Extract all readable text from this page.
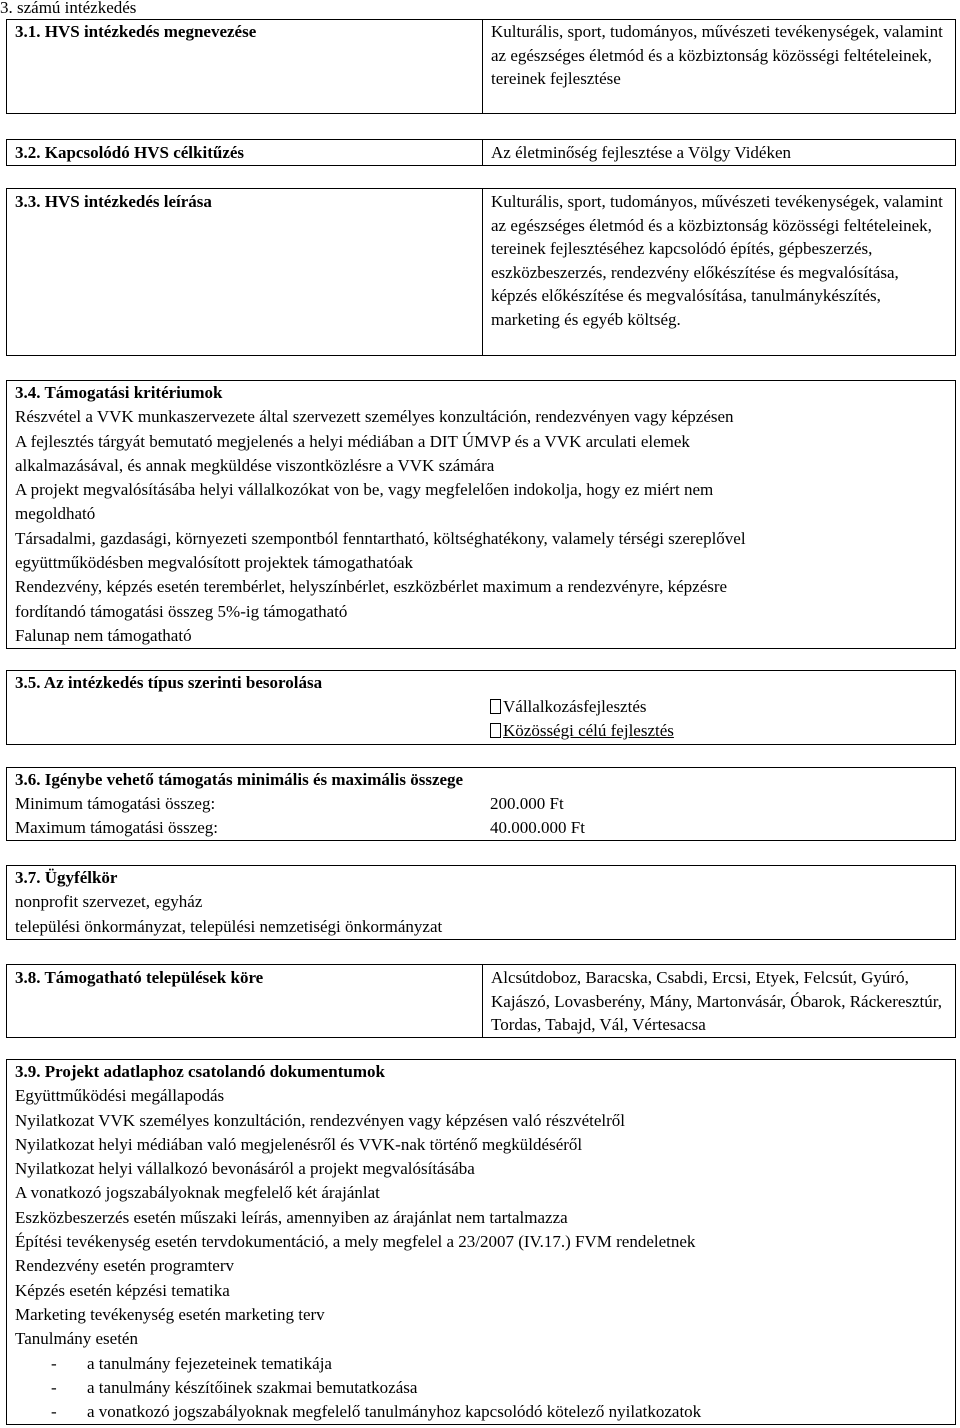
3. számú intézkedés
3.1. HVS intézkedés megnevezése	Kulturális, sport, tudományos, művészeti tevékenységek, valamint az egészséges életmód és a közbiztonság közösségi feltételeinek, tereinek fejlesztése
3.2. Kapcsolódó HVS célkitűzés	Az életminőség fejlesztése a Völgy Vidéken
3.3. HVS intézkedés leírása	Kulturális, sport, tudományos, művészeti tevékenységek, valamint az egészséges életmód és a közbiztonság közösségi feltételeinek, tereinek fejlesztéséhez kapcsolódó építés, gépbeszerzés, eszközbeszerzés, rendezvény előkészítése és megvalósítása, képzés előkészítése és megvalósítása, tanulmánykészítés, marketing és egyéb költség.
3.4. Támogatási kritériumok
Részvétel a VVK munkaszervezete által szervezett személyes konzultáción, rendezvényen vagy képzésen
A fejlesztés tárgyát bemutató megjelenés a helyi médiában a DIT ÚMVP és a VVK arculati elemek
alkalmazásával, és annak megküldése viszontközlésre a VVK számára
A projekt megvalósításába helyi vállalkozókat von be, vagy megfelelően indokolja, hogy ez miért nem
megoldható
Társadalmi, gazdasági, környezeti szempontból fenntartható, költséghatékony, valamely térségi szereplővel
együttműködésben megvalósított projektek támogathatóak
Rendezvény, képzés esetén terembérlet, helyszínbérlet, eszközbérlet maximum a rendezvényre, képzésre
fordítandó támogatási összeg 5%-ig támogatható
Falunap nem támogatható
3.5. Az intézkedés típus szerinti besorolása
Vállalkozásfejlesztés
Közösségi célú fejlesztés
3.6. Igénybe vehető támogatás minimális és maximális összege
Minimum támogatási összeg:	200.000 Ft
Maximum támogatási összeg:	40.000.000 Ft
3.7. Ügyfélkör
nonprofit szervezet, egyház
települési önkormányzat, települési nemzetiségi önkormányzat
3.8. Támogatható települések köre	Alcsútdoboz, Baracska, Csabdi, Ercsi, Etyek, Felcsút, Gyúró, Kajászó, Lovasberény, Mány, Martonvásár, Óbarok, Ráckeresztúr, Tordas, Tabajd, Vál, Vértesacsa
3.9. Projekt adatlaphoz csatolandó dokumentumok
Együttműködési megállapodás
Nyilatkozat VVK személyes konzultáción, rendezvényen vagy képzésen való részvételről
Nyilatkozat helyi médiában való megjelenésről és VVK-nak történő megküldéséről
Nyilatkozat helyi vállalkozó bevonásáról a projekt megvalósításába
A vonatkozó jogszabályoknak megfelelő két árajánlat
Eszközbeszerzés esetén műszaki leírás, amennyiben az árajánlat nem tartalmazza
Építési tevékenység esetén tervdokumentáció, a mely megfelel a 23/2007 (IV.17.) FVM rendeletnek
Rendezvény esetén programterv
Képzés esetén képzési tematika
Marketing tevékenység esetén marketing terv
Tanulmány esetén
-	a tanulmány fejezeteinek tematikája
-	a tanulmány készítőinek szakmai bemutatkozása
-	a vonatkozó jogszabályoknak megfelelő tanulmányhoz kapcsolódó kötelező nyilatkozatok
